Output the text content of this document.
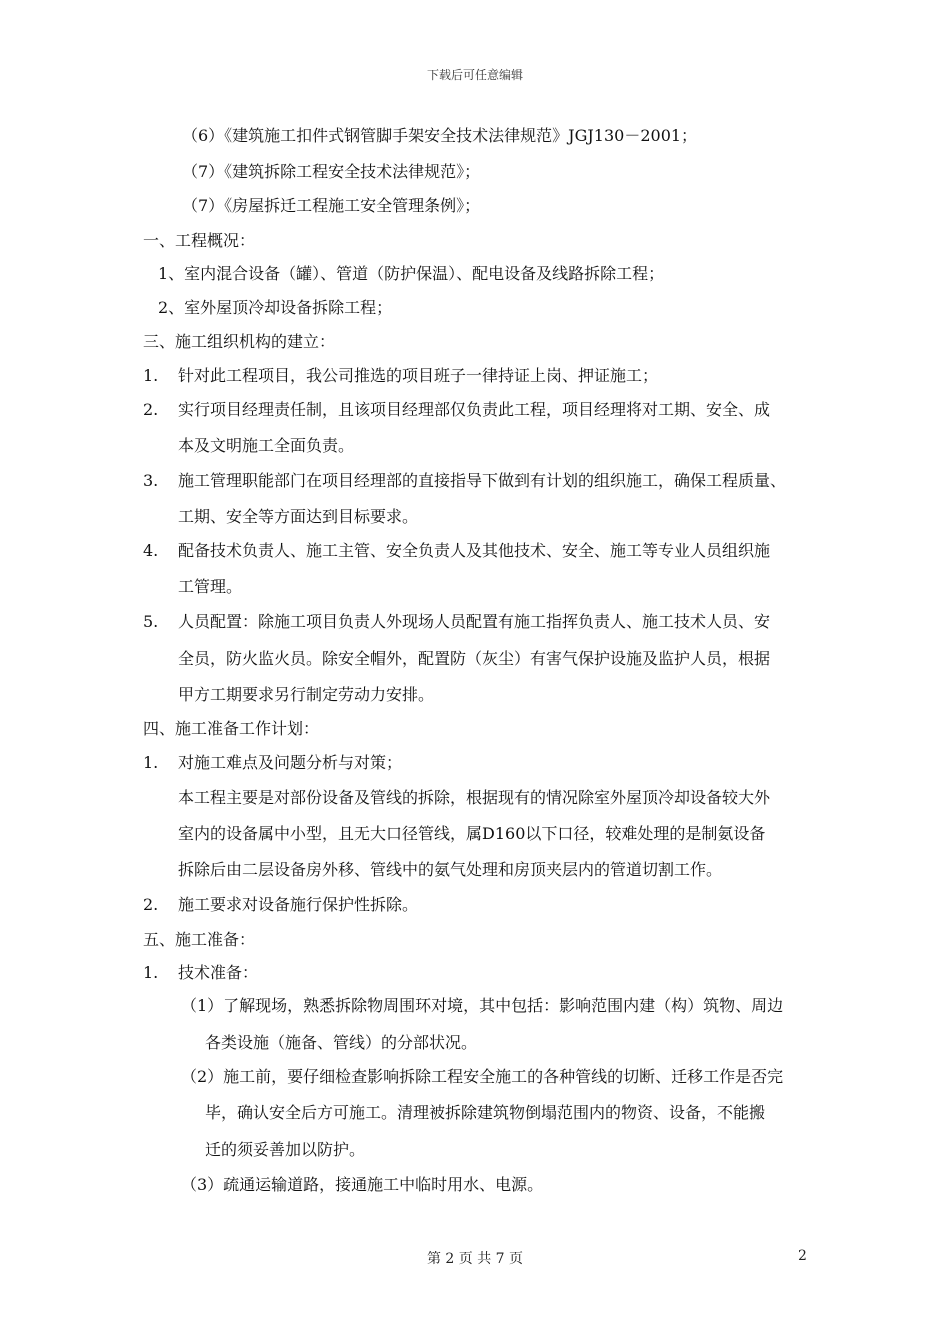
下载后可任意编辑
（6）《建筑施工扣件式钢管脚手架安全技术法律规范》JGJ130－2001；
（7）《建筑拆除工程安全技术法律规范》；
（7）《房屋拆迁工程施工安全管理条例》；
一、工程概况：
1、室内混合设备（罐）、管道（防护保温）、配电设备及线路拆除工程；
2、室外屋顶冷却设备拆除工程；
三、施工组织机构的建立：
1. 针对此工程项目，我公司推选的项目班子一律持证上岗、押证施工；
2. 实行项目经理责任制，且该项目经理部仅负责此工程，项目经理将对工期、安全、成
本及文明施工全面负责。
3. 施工管理职能部门在项目经理部的直接指导下做到有计划的组织施工，确保工程质量、
工期、安全等方面达到目标要求。
4. 配备技术负责人、施工主管、安全负责人及其他技术、安全、施工等专业人员组织施
工管理。
5. 人员配置：除施工项目负责人外现场人员配置有施工指挥负责人、施工技术人员、安
全员，防火监火员。除安全帽外，配置防（灰尘）有害气保护设施及监护人员，根据
甲方工期要求另行制定劳动力安排。
四、施工准备工作计划：
1. 对施工难点及问题分析与对策；
本工程主要是对部份设备及管线的拆除，根据现有的情况除室外屋顶冷却设备较大外
室内的设备属中小型，且无大口径管线，属D160以下口径，较难处理的是制氨设备
拆除后由二层设备房外移、管线中的氨气处理和房顶夹层内的管道切割工作。
2. 施工要求对设备施行保护性拆除。
五、施工准备：
1. 技术准备：
（1）了解现场，熟悉拆除物周围环对境，其中包括：影响范围内建（构）筑物、周边
各类设施（施备、管线）的分部状况。
（2）施工前，要仔细检查影响拆除工程安全施工的各种管线的切断、迁移工作是否完
毕，确认安全后方可施工。清理被拆除建筑物倒塌范围内的物资、设备，不能搬
迁的须妥善加以防护。
（3）疏通运输道路，接通施工中临时用水、电源。
第 2 页 共 7 页	2
